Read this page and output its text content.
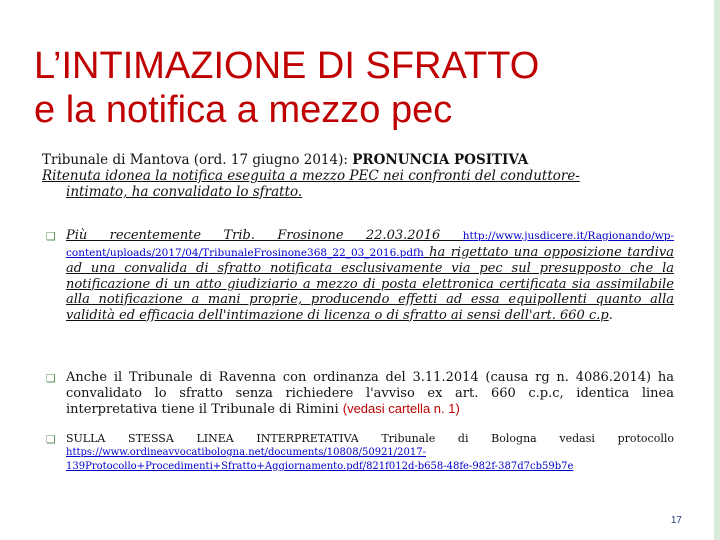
L’INTIMAZIONE DI SFRATTO
e la notifica a mezzo pec
Tribunale di Mantova (ord. 17 giugno 2014): PRONUNCIA POSITIVA
Ritenuta idonea la notifica eseguita a mezzo PEC nei confronti del conduttore-
intimato, ha convalidato lo sfratto.
❑ Più recentemente Trib. Frosinone 22.03.2016 http://www.jusdicere.it/Ragionando/wp-content/uploads/2017/04/TribunaleFrosinone368_22_03_2016.pdfh ha rigettato una opposizione tardiva ad una convalida di sfratto notificata esclusivamente via pec sul presupposto che la notificazione di un atto giudiziario a mezzo di posta elettronica certificata sia assimilabile alla notificazione a mani proprie, producendo effetti ad essa equipollenti quanto alla validità ed efficacia dell'intimazione di licenza o di sfratto ai sensi dell'art. 660 c.p.
❑ Anche il Tribunale di Ravenna con ordinanza del 3.11.2014 (causa rg n. 4086.2014) ha convalidato lo sfratto senza richiedere l'avviso ex art. 660 c.p.c, identica linea interpretativa tiene il Tribunale di Rimini (vedasi cartella n. 1)
❑ SULLA STESSA LINEA INTERPRETATIVA Tribunale di Bologna vedasi protocollo https://www.ordineavvocatibologna.net/documents/10808/50921/2017-139Protocollo+Procedimenti+Sfratto+Aggiornamento.pdf/821f012d-b658-48fe-982f-387d7cb59b7e
17
